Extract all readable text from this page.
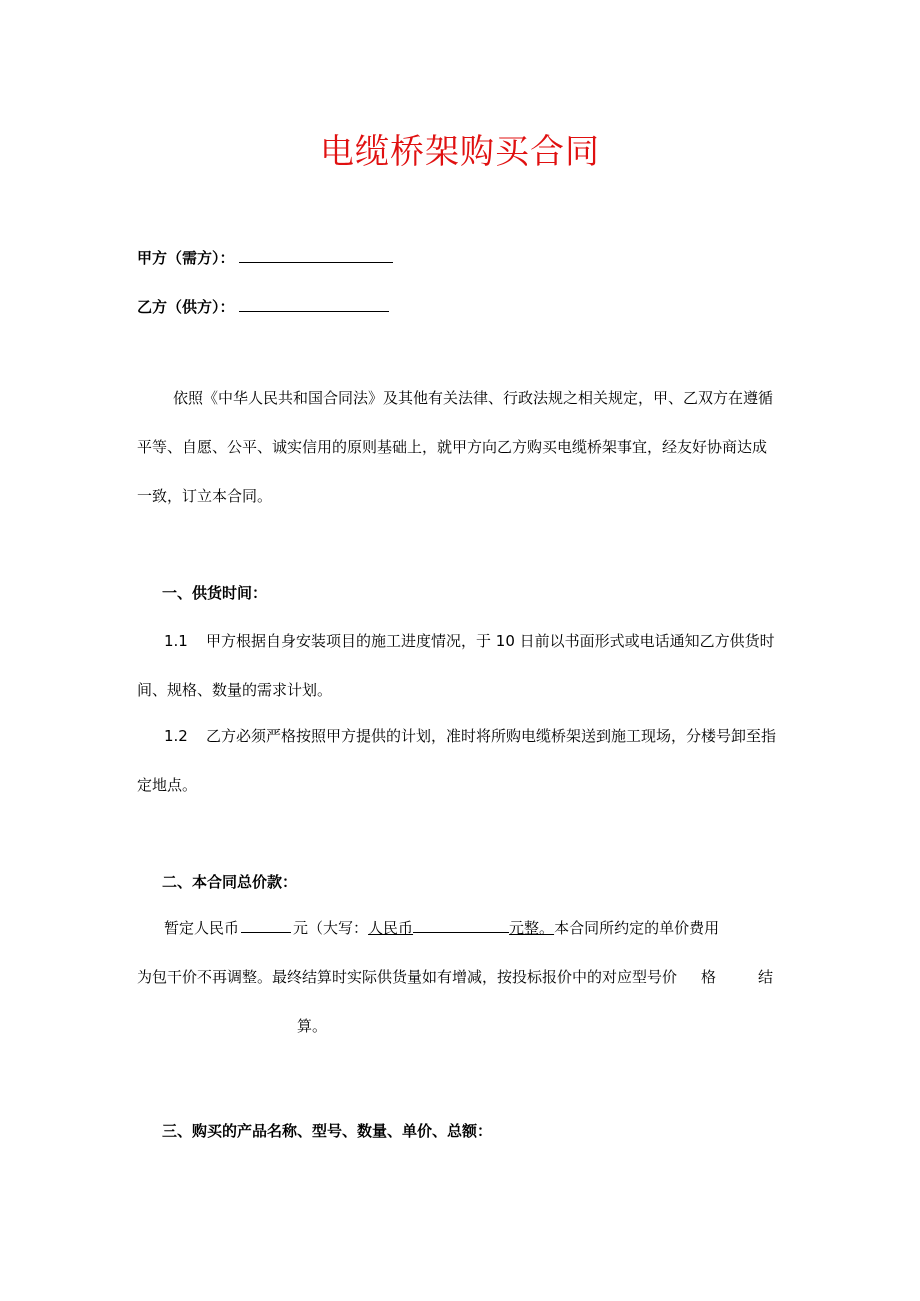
电缆桥架购买合同
甲方（需方）：
乙方（供方）：
依照《中华人民共和国合同法》及其他有关法律、行政法规之相关规定，甲、乙双方在遵循
平等、自愿、公平、诚实信用的原则基础上，就甲方向乙方购买电缆桥架事宜，经友好协商达成
一致，订立本合同。
一、供货时间：
1.1 甲方根据自身安装项目的施工进度情况，于 10 日前以书面形式或电话通知乙方供货时
间、规格、数量的需求计划。
1.2 乙方必须严格按照甲方提供的计划，准时将所购电缆桥架送到施工现场，分楼号卸至指
定地点。
二、本合同总价款：
暂定人民币	元（大写：人民币	元整。本合同所约定的单价费用
为包干价不再调整。最终结算时实际供货量如有增减，按投标报价中的对应型号价 格	结
算。
三、购买的产品名称、型号、数量、单价、总额：
